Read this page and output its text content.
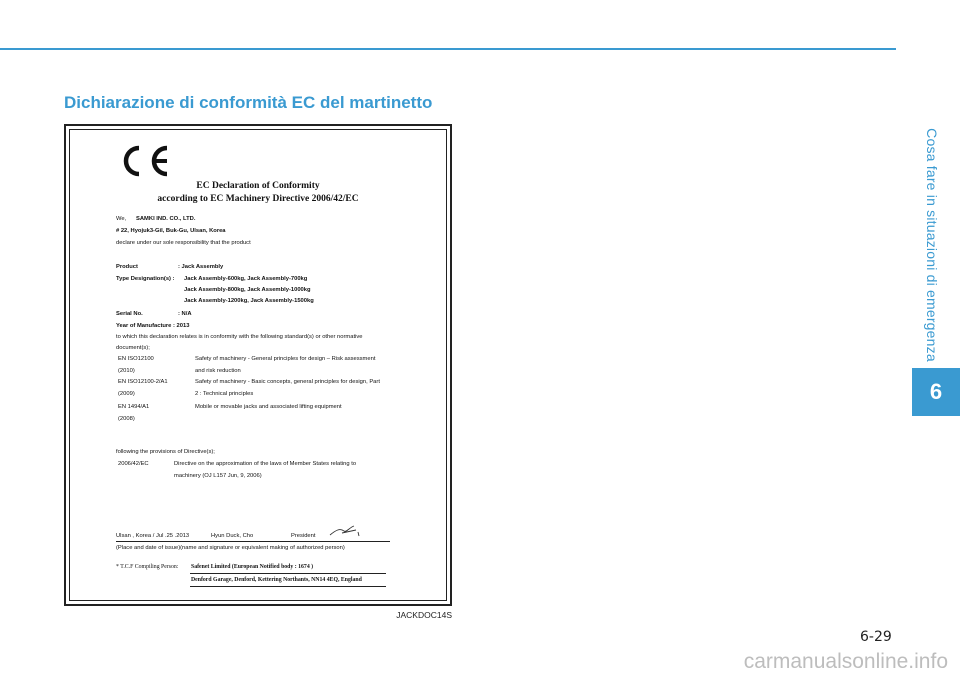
Dichiarazione di conformità EC del martinetto
Cosa fare in situazioni di emergenza
6
EC Declaration of Conformity
according to EC Machinery Directive 2006/42/EC
We, SAMKI IND. CO., LTD.
# 22, Hyojuk3-Gil, Buk-Gu, Ulsan, Korea
declare under our sole responsibility that the product
Product	: Jack Assembly
Type Designation(s) : Jack Assembly-600kg, Jack Assembly-700kg
Jack Assembly-800kg, Jack Assembly-1000kg
Jack Assembly-1200kg, Jack Assembly-1500kg
Serial No.	: N/A
Year of Manufacture : 2013
to which this declaration relates is in conformity with the following standard(s) or other normative
document(s);
EN ISO12100	Safety of machinery - General principles for design – Risk assessment
(2010)	and risk reduction
EN ISO12100-2/A1	Safety of machinery - Basic concepts, general principles for design, Part
(2009)	2 : Technical principles
EN 1494/A1	Mobile or movable jacks and associated lifting equipment
(2008)
following the provisions of Directive(s);
2006/42/EC	Directive on the approximation of the laws of Member States relating to
machinery (OJ L157 Jun, 9, 2006)
Ulsan , Korea / Jul .25 .2013	Hyun Duck, Cho	President
(Place and date of issue)(name and signature or equivalent making of authorized person)
* T.C.F Compiling Person: Safenet Limited (European Notified body : 1674 )
Denford Garage, Denford, Kettering Northants, NN14 4EQ, England
JACKDOC14S
6-29
carmanualsonline.info
